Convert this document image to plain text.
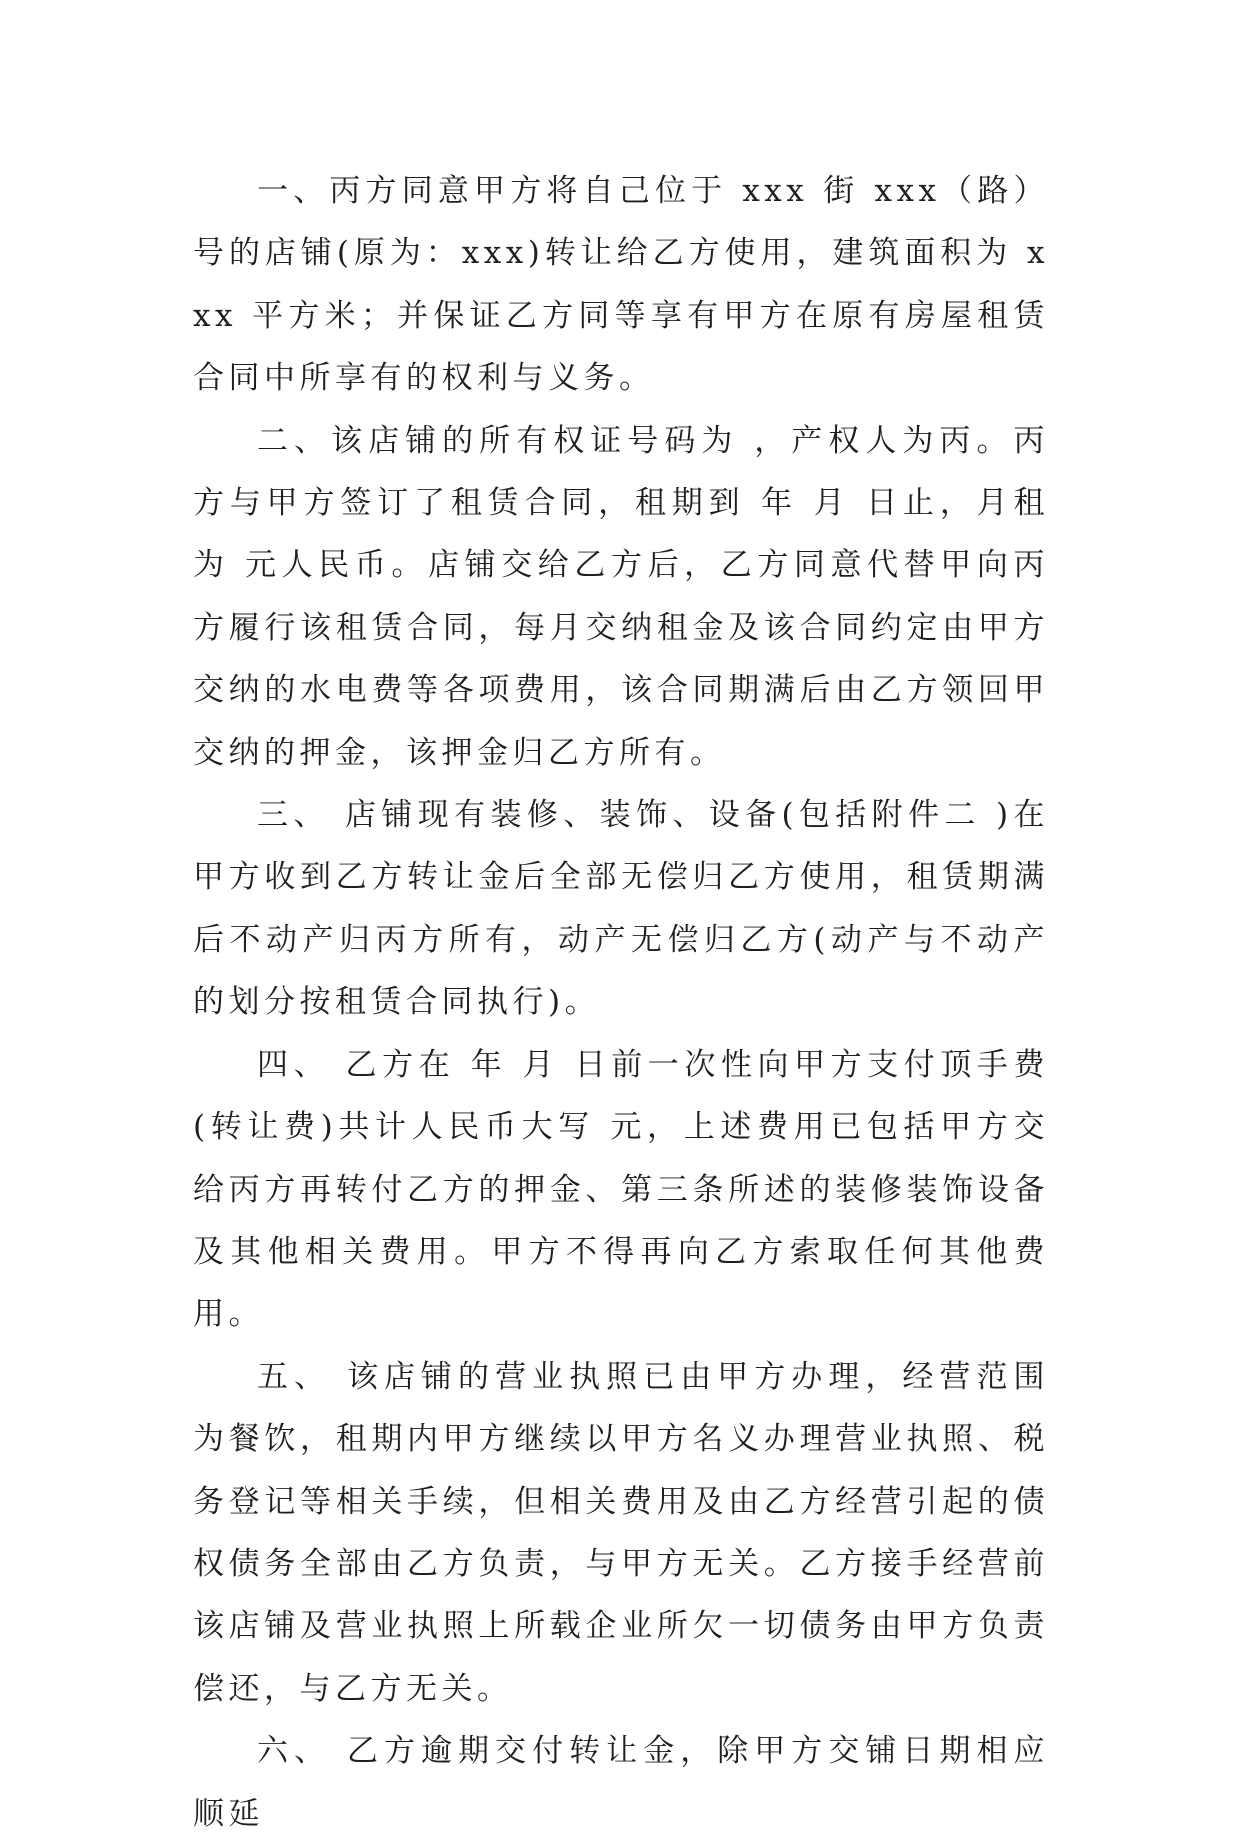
一、丙方同意甲方将自己位于 xxx 街 xxx（路） 号的店铺(原为：xxx)转让给乙方使用，建筑面积为 xxx 平方米；并保证乙方同等享有甲方在原有房屋租赁合同中所享有的权利与义务。

二、该店铺的所有权证号码为 ，产权人为丙。丙方与甲方签订了租赁合同，租期到 年 月 日止，月租为 元人民币。店铺交给乙方后，乙方同意代替甲向丙方履行该租赁合同，每月交纳租金及该合同约定由甲方交纳的水电费等各项费用，该合同期满后由乙方领回甲交纳的押金，该押金归乙方所有。

三、 店铺现有装修、装饰、设备(包括附件二 )在甲方收到乙方转让金后全部无偿归乙方使用，租赁期满后不动产归丙方所有，动产无偿归乙方(动产与不动产的划分按租赁合同执行)。

四、 乙方在 年 月 日前一次性向甲方支付顶手费(转让费)共计人民币大写 元，上述费用已包括甲方交给丙方再转付乙方的押金、第三条所述的装修装饰设备及其他相关费用。甲方不得再向乙方索取任何其他费用。

五、 该店铺的营业执照已由甲方办理，经营范围为餐饮，租期内甲方继续以甲方名义办理营业执照、税务登记等相关手续，但相关费用及由乙方经营引起的债权债务全部由乙方负责，与甲方无关。乙方接手经营前该店铺及营业执照上所载企业所欠一切债务由甲方负责偿还，与乙方无关。

六、 乙方逾期交付转让金，除甲方交铺日期相应顺延
